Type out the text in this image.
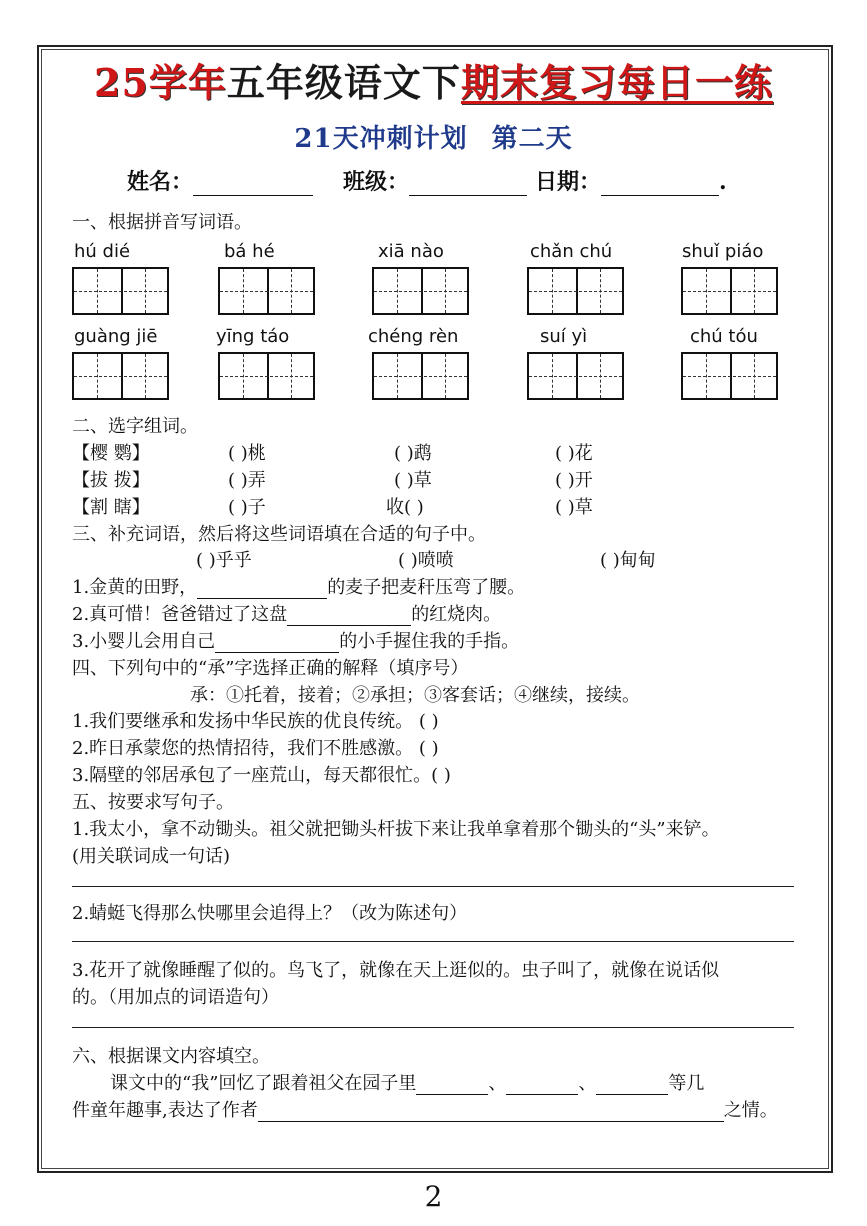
25学年五年级语文下期末复习每日一练
21天冲刺计划 第二天
姓名：	班级：	日期：	.
一、根据拼音写词语。
hú dié	bá hé	xiā nào	chǎn chú	shuǐ piáo
guàng jiē	yīng táo	chéng rèn	suí yì	chú tóu
二、选字组词。
【樱 鹦】	( )桃	( )鹉	( )花
【拔 拨】	( )弄	( )草	( )开
【割 瞎】	( )子	收( )	( )草
三、补充词语，然后将这些词语填在合适的句子中。
( )乎乎	( )喷喷	( )甸甸
1.金黄的田野，	的麦子把麦秆压弯了腰。
2.真可惜！爸爸错过了这盘	的红烧肉。
3.小婴儿会用自己	的小手握住我的手指。
四、下列句中的“承”字选择正确的解释（填序号）
承：①托着，接着；②承担；③客套话；④继续，接续。
1.我们要继承和发扬中华民族的优良传统。 ( )
2.昨日承蒙您的热情招待，我们不胜感激。 ( )
3.隔壁的邻居承包了一座荒山，每天都很忙。( )
五、按要求写句子。
1.我太小，拿不动锄头。祖父就把锄头杆拔下来让我单拿着那个锄头的“头”来铲。
(用关联词成一句话)
2.蜻蜓飞得那么快哪里会追得上？（改为陈述句）
3.花开了就像睡醒了似的。鸟飞了，就像在天上逛似的。虫子叫了，就像在说话似
的。（用加点的词语造句）
六、根据课文内容填空。
课文中的“我”回忆了跟着祖父在园子里	、	、	等几
件童年趣事,表达了作者	之情。
2
